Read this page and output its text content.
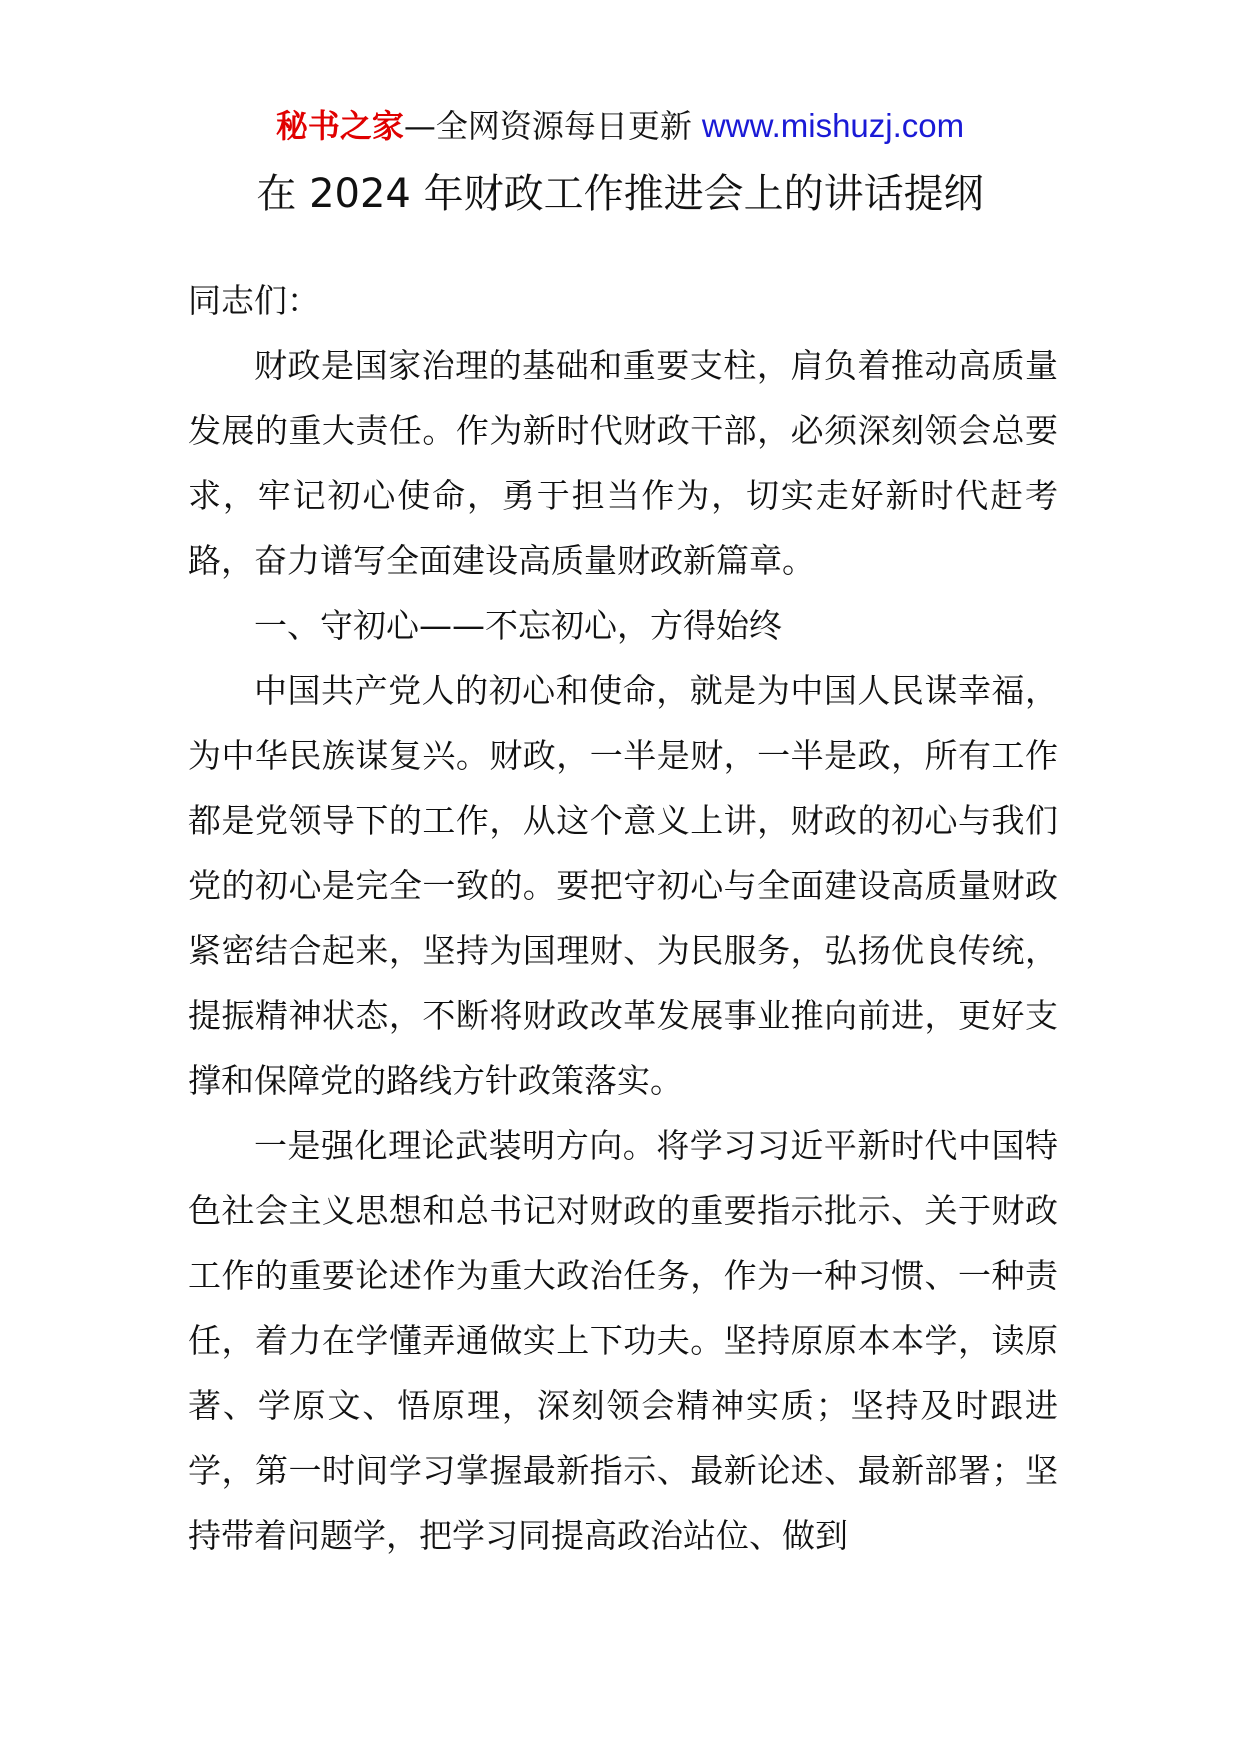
秘书之家—全网资源每日更新 www.mishuzj.com
在 2024 年财政工作推进会上的讲话提纲

同志们：

财政是国家治理的基础和重要支柱，肩负着推动高质量发展的重大责任。作为新时代财政干部，必须深刻领会总要求，牢记初心使命，勇于担当作为，切实走好新时代赶考路，奋力谱写全面建设高质量财政新篇章。

一、守初心——不忘初心，方得始终

中国共产党人的初心和使命，就是为中国人民谋幸福，为中华民族谋复兴。财政，一半是财，一半是政，所有工作都是党领导下的工作，从这个意义上讲，财政的初心与我们党的初心是完全一致的。要把守初心与全面建设高质量财政紧密结合起来，坚持为国理财、为民服务，弘扬优良传统，提振精神状态，不断将财政改革发展事业推向前进，更好支撑和保障党的路线方针政策落实。

一是强化理论武装明方向。将学习习近平新时代中国特色社会主义思想和总书记对财政的重要指示批示、关于财政工作的重要论述作为重大政治任务，作为一种习惯、一种责任，着力在学懂弄通做实上下功夫。坚持原原本本学，读原著、学原文、悟原理，深刻领会精神实质；坚持及时跟进学，第一时间学习掌握最新指示、最新论述、最新部署；坚持带着问题学，把学习同提高政治站位、做到
